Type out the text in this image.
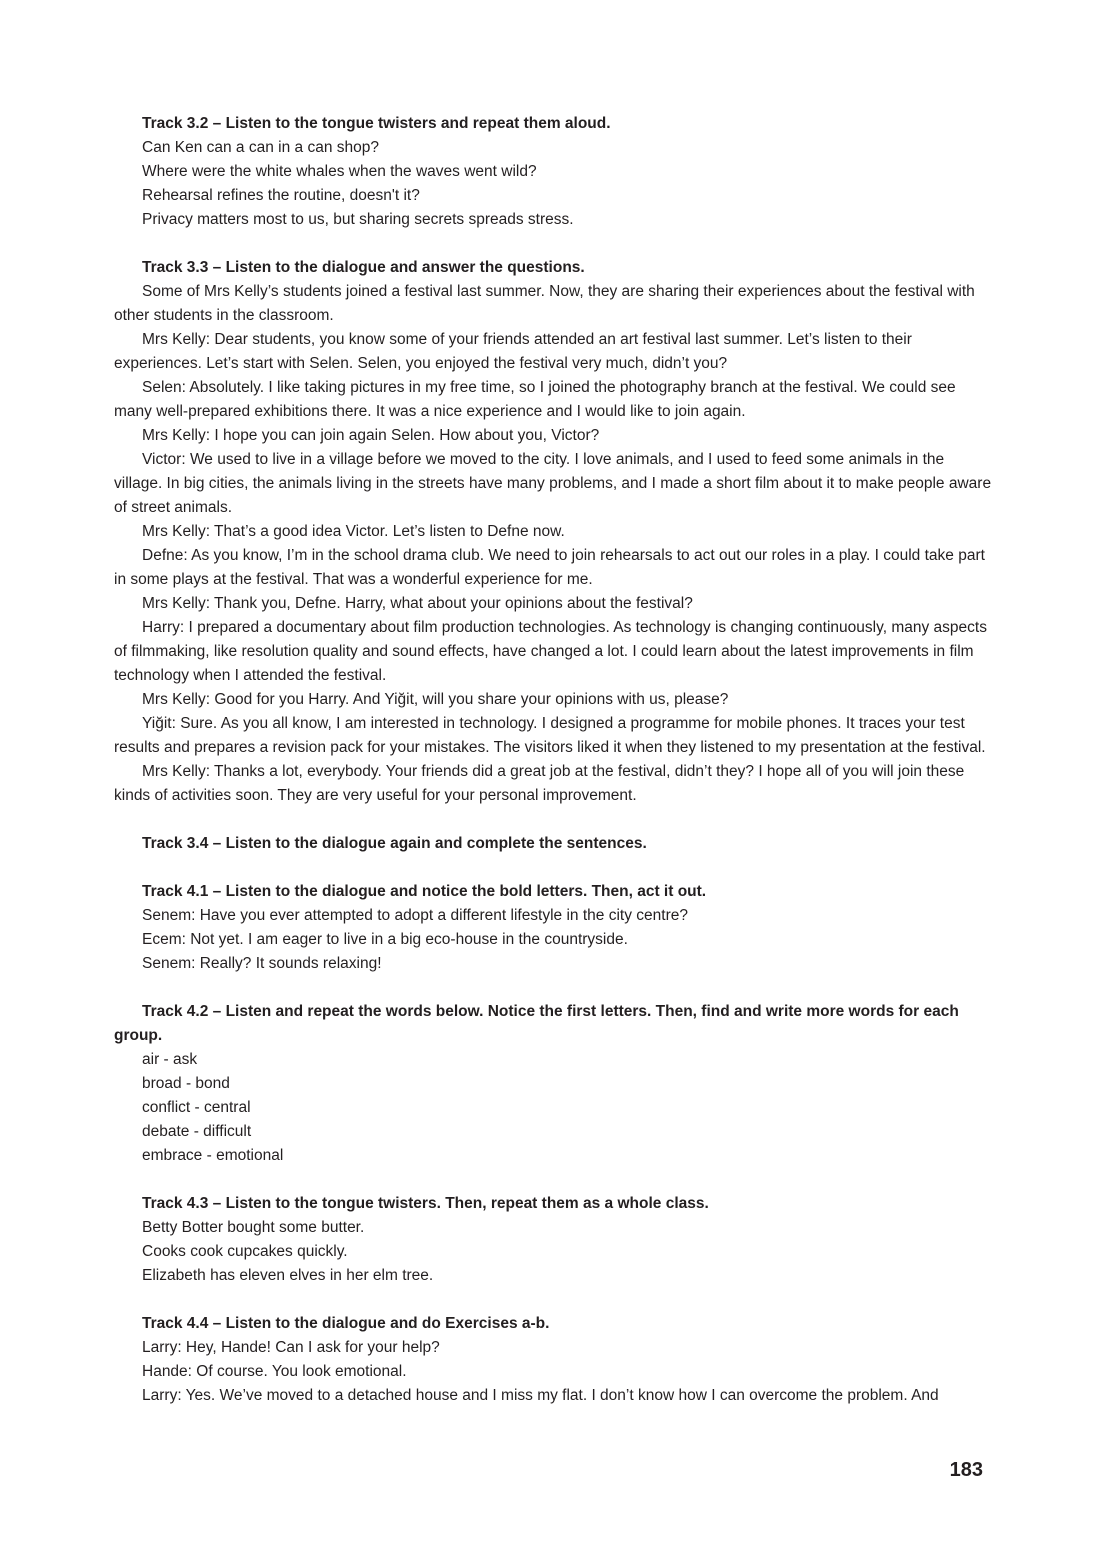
Track 3.2 – Listen to the tongue twisters and repeat them aloud.

Can Ken can a can in a can shop?

Where were the white whales when the waves went wild?

Rehearsal refines the routine, doesn't it?

Privacy matters most to us, but sharing secrets spreads stress.

Track 3.3 – Listen to the dialogue and answer the questions.

Some of Mrs Kelly’s students joined a festival last summer. Now, they are sharing their experiences about the festival with other students in the classroom.

Mrs Kelly: Dear students, you know some of your friends attended an art festival last summer. Let’s listen to their experiences. Let’s start with Selen. Selen, you enjoyed the festival very much, didn’t you?

Selen: Absolutely. I like taking pictures in my free time, so I joined the photography branch at the festival. We could see many well-prepared exhibitions there. It was a nice experience and I would like to join again.

Mrs Kelly: I hope you can join again Selen. How about you, Victor?

Victor: We used to live in a village before we moved to the city. I love animals, and I used to feed some animals in the village. In big cities, the animals living in the streets have many problems, and I made a short film about it to make people aware of street animals.

Mrs Kelly: That’s a good idea Victor. Let’s listen to Defne now.

Defne: As you know, I’m in the school drama club. We need to join rehearsals to act out our roles in a play. I could take part in some plays at the festival. That was a wonderful experience for me.

Mrs Kelly: Thank you, Defne. Harry, what about your opinions about the festival?

Harry: I prepared a documentary about film production technologies. As technology is changing continuously, many aspects of filmmaking, like resolution quality and sound effects, have changed a lot. I could learn about the latest improvements in film technology when I attended the festival.

Mrs Kelly: Good for you Harry. And Yiğit, will you share your opinions with us, please?

Yiğit: Sure. As you all know, I am interested in technology. I designed a programme for mobile phones. It traces your test results and prepares a revision pack for your mistakes. The visitors liked it when they listened to my presentation at the festival.

Mrs Kelly: Thanks a lot, everybody. Your friends did a great job at the festival, didn’t they? I hope all of you will join these kinds of activities soon. They are very useful for your personal improvement.

Track 3.4 – Listen to the dialogue again and complete the sentences.

Track 4.1 – Listen to the dialogue and notice the bold letters. Then, act it out.

Senem: Have you ever attempted to adopt a different lifestyle in the city centre?

Ecem: Not yet. I am eager to live in a big eco-house in the countryside.

Senem: Really? It sounds relaxing!

Track 4.2 – Listen and repeat the words below. Notice the first letters. Then, find and write more words for each group.

air - ask

broad - bond

conflict - central

debate - difficult

embrace - emotional

Track 4.3 – Listen to the tongue twisters. Then, repeat them as a whole class.

Betty Botter bought some butter.

Cooks cook cupcakes quickly.

Elizabeth has eleven elves in her elm tree.

Track 4.4 – Listen to the dialogue and do Exercises a-b.

Larry: Hey, Hande! Can I ask for your help?

Hande: Of course. You look emotional.

Larry: Yes. We’ve moved to a detached house and I miss my flat. I don’t know how I can overcome the problem. And

183
